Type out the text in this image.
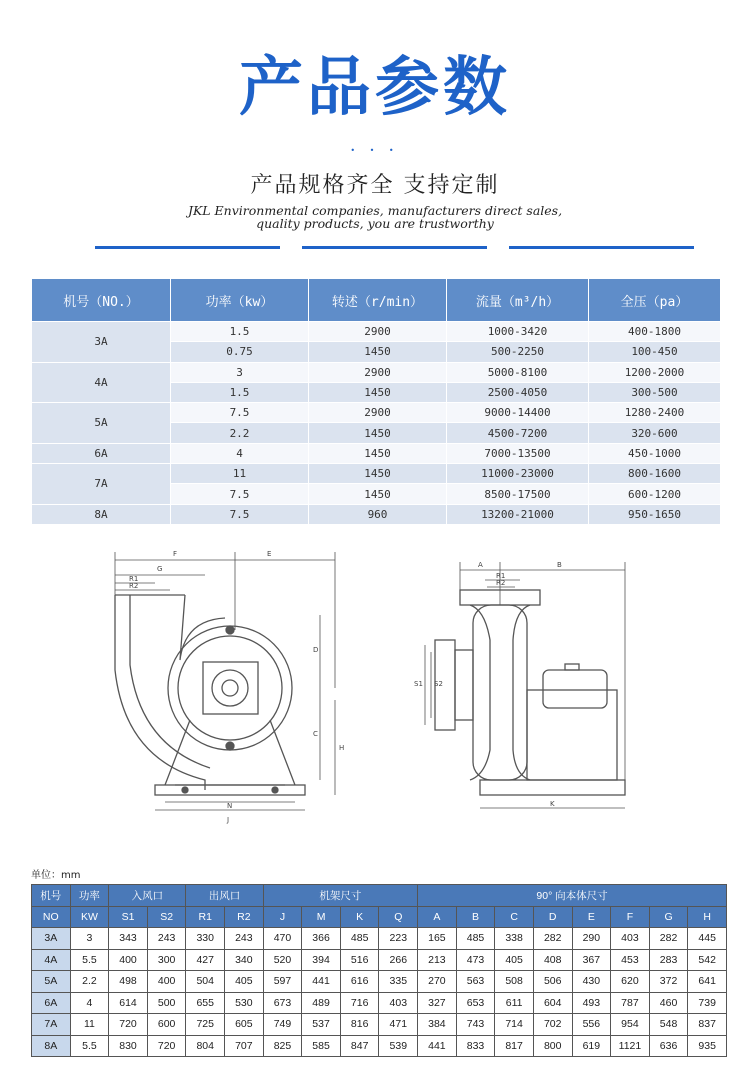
产品参数
• • •
产品规格齐全 支持定制
JKL Environmental companies, manufacturers direct sales,
quality products, you are trustworthy
机号（NO.）	功率（kw）	转述（r/min）	流量（m³/h）	全压（pa）
3A	1.5	2900	1000-3420	400-1800
	0.75	1450	500-2250	100-450
4A	3	2900	5000-8100	1200-2000
	1.5	1450	2500-4050	300-500
5A	7.5	2900	9000-14400	1280-2400
	2.2	1450	4500-7200	320-600
6A	4	1450	7000-13500	450-1000
7A	11	1450	11000-23000	800-1600
	7.5	1450	8500-17500	600-1200
8A	7.5	960	13200-21000	950-1650
F	E
G
R1
R2
D
C
H
N
J
A	B
R1
R2
S1 S2
K
单位：mm
机号	功率	入风口		出风口		机架尺寸				90° 向本体尺寸							
NO	KW	S1	S2	R1	R2	J	M	K	Q	A	B	C	D	E	F	G	H
3A	3	343	243	330	243	470	366	485	223	165	485	338	282	290	403	282	445
4A	5.5	400	300	427	340	520	394	516	266	213	473	405	408	367	453	283	542
5A	2.2	498	400	504	405	597	441	616	335	270	563	508	506	430	620	372	641
6A	4	614	500	655	530	673	489	716	403	327	653	611	604	493	787	460	739
7A	11	720	600	725	605	749	537	816	471	384	743	714	702	556	954	548	837
8A	5.5	830	720	804	707	825	585	847	539	441	833	817	800	619	1121	636	935
